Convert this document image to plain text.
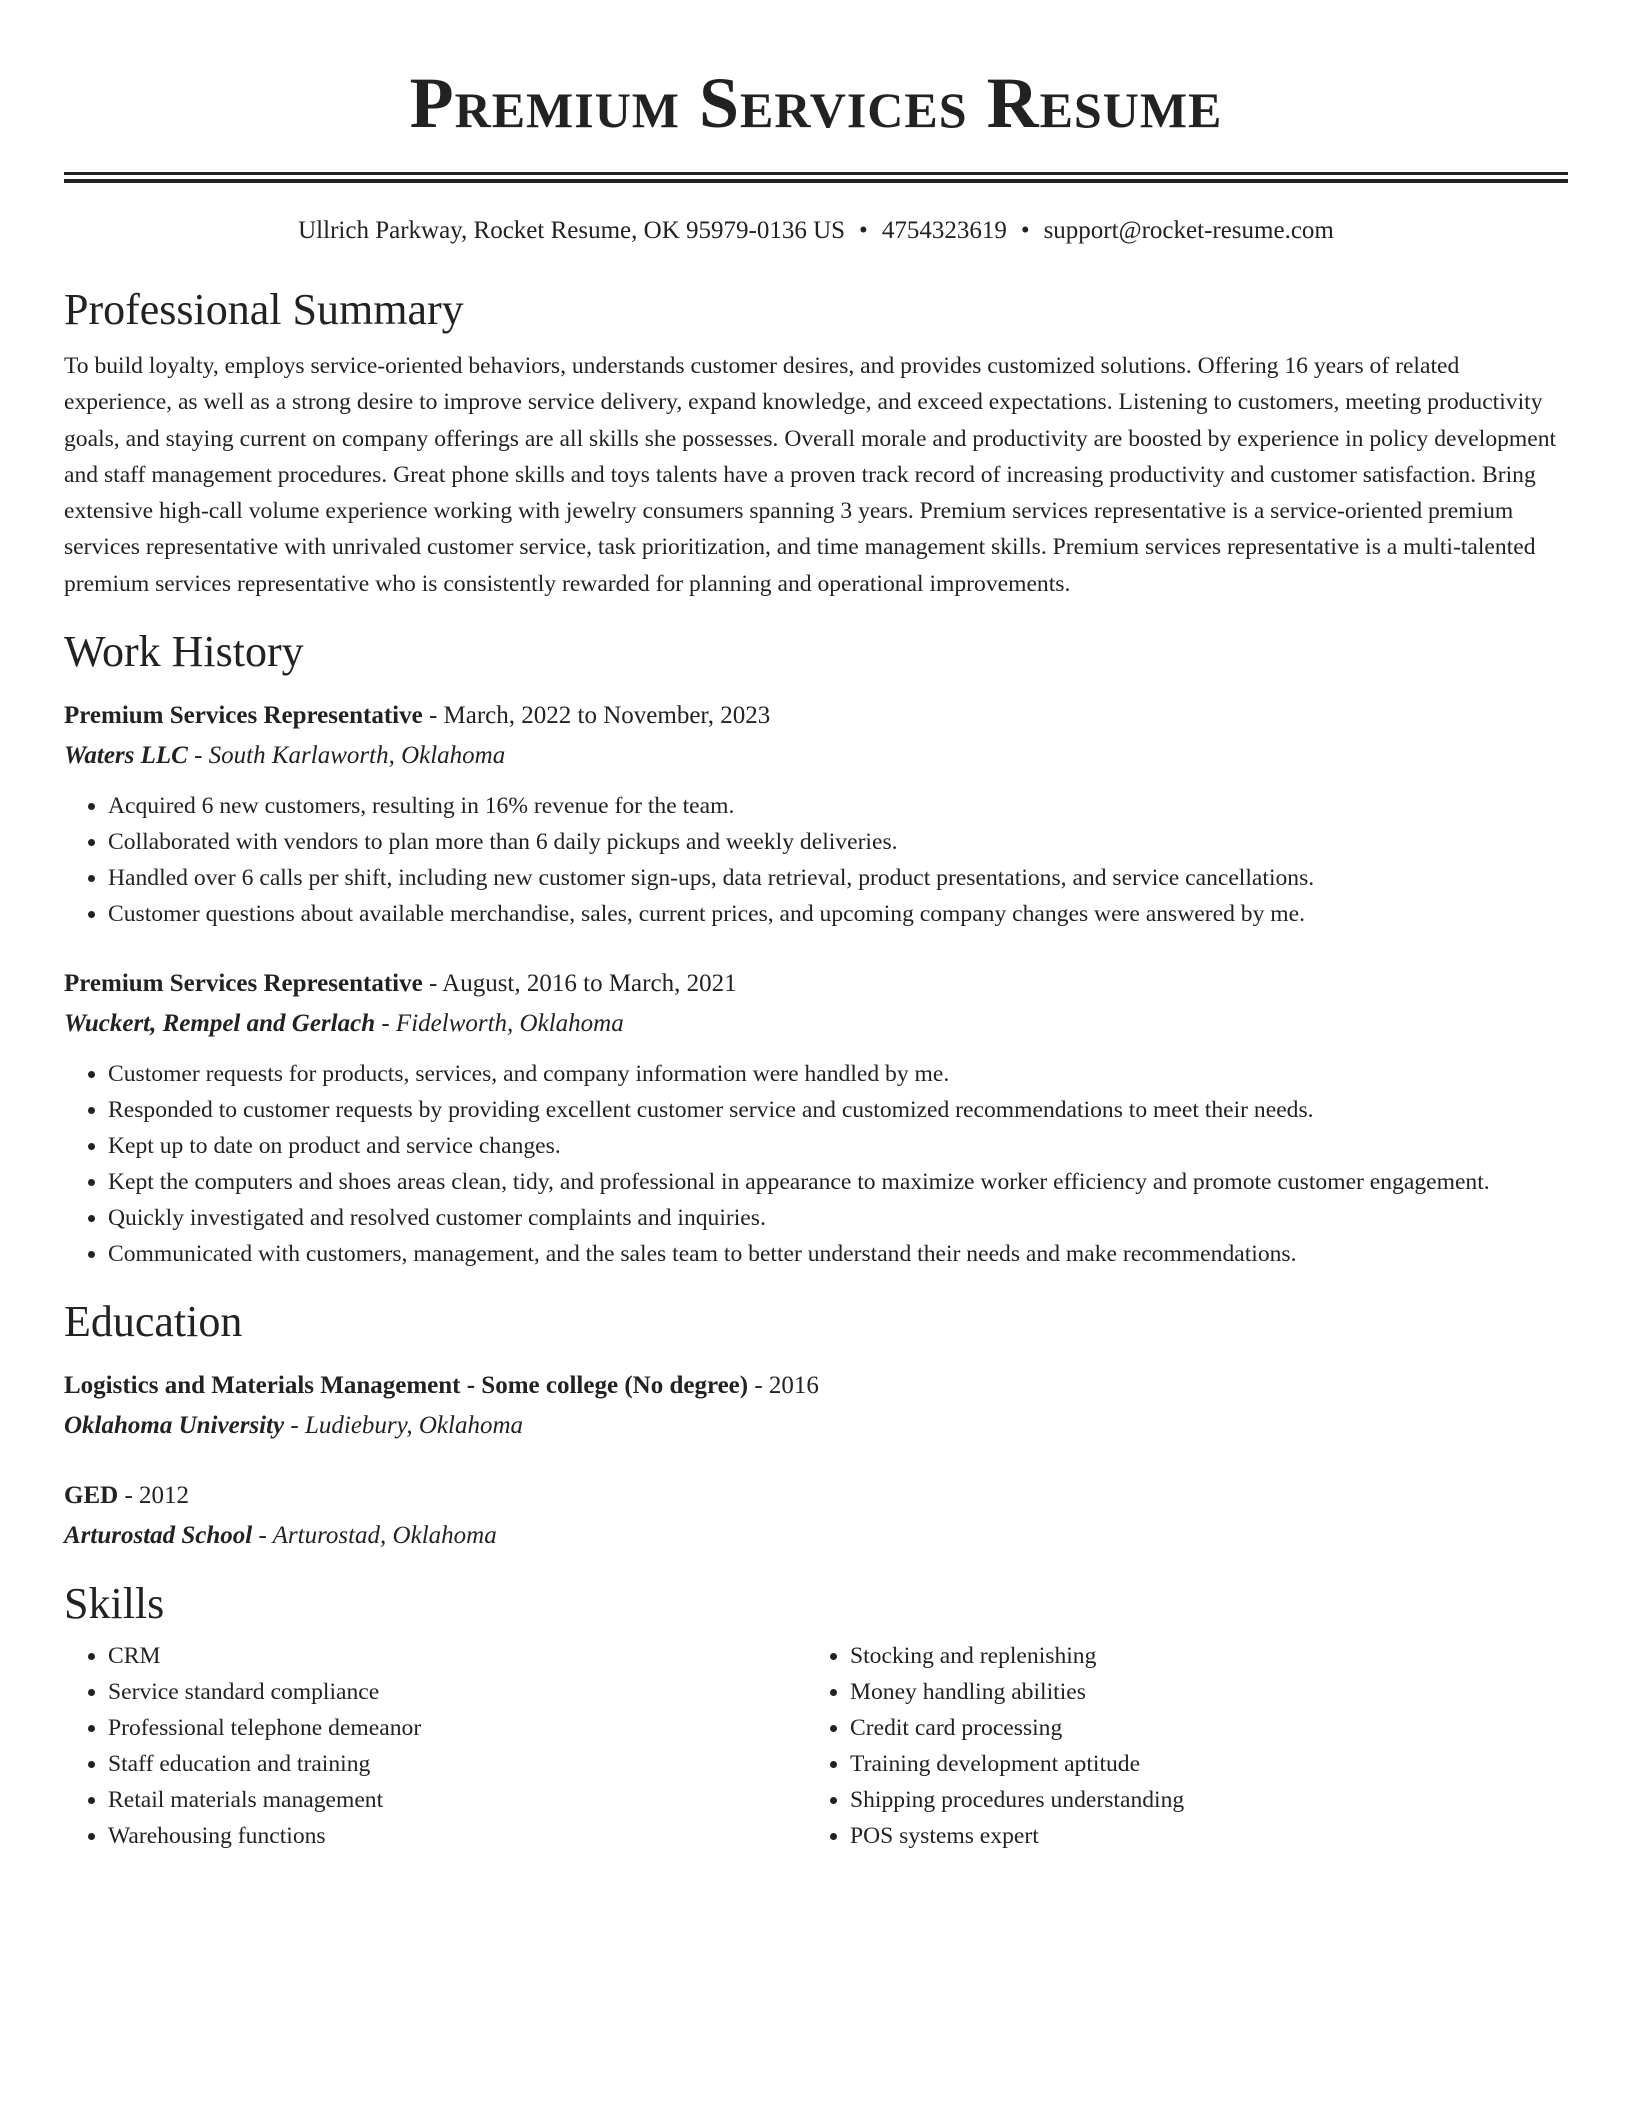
Premium Services Resume
Ullrich Parkway, Rocket Resume, OK 95979-0136 US • 4754323619 • support@rocket-resume.com
Professional Summary

To build loyalty, employs service-oriented behaviors, understands customer desires, and provides customized solutions. Offering 16 years of related experience, as well as a strong desire to improve service delivery, expand knowledge, and exceed expectations. Listening to customers, meeting productivity goals, and staying current on company offerings are all skills she possesses. Overall morale and productivity are boosted by experience in policy development and staff management procedures. Great phone skills and toys talents have a proven track record of increasing productivity and customer satisfaction. Bring extensive high-call volume experience working with jewelry consumers spanning 3 years. Premium services representative is a service-oriented premium services representative with unrivaled customer service, task prioritization, and time management skills. Premium services representative is a multi-talented premium services representative who is consistently rewarded for planning and operational improvements.

Work History
Premium Services Representative - March, 2022 to November, 2023
Waters LLC - South Karlaworth, Oklahoma
• Acquired 6 new customers, resulting in 16% revenue for the team.
• Collaborated with vendors to plan more than 6 daily pickups and weekly deliveries.
• Handled over 6 calls per shift, including new customer sign-ups, data retrieval, product presentations, and service cancellations.
• Customer questions about available merchandise, sales, current prices, and upcoming company changes were answered by me.
Premium Services Representative - August, 2016 to March, 2021
Wuckert, Rempel and Gerlach - Fidelworth, Oklahoma
• Customer requests for products, services, and company information were handled by me.
• Responded to customer requests by providing excellent customer service and customized recommendations to meet their needs.
• Kept up to date on product and service changes.
• Kept the computers and shoes areas clean, tidy, and professional in appearance to maximize worker efficiency and promote customer engagement.
• Quickly investigated and resolved customer complaints and inquiries.
• Communicated with customers, management, and the sales team to better understand their needs and make recommendations.
Education
Logistics and Materials Management - Some college (No degree) - 2016
Oklahoma University - Ludiebury, Oklahoma
GED - 2012
Arturostad School - Arturostad, Oklahoma
Skills
• CRM
• Service standard compliance
• Professional telephone demeanor
• Staff education and training
• Retail materials management
• Warehousing functions
• Stocking and replenishing
• Money handling abilities
• Credit card processing
• Training development aptitude
• Shipping procedures understanding
• POS systems expert
